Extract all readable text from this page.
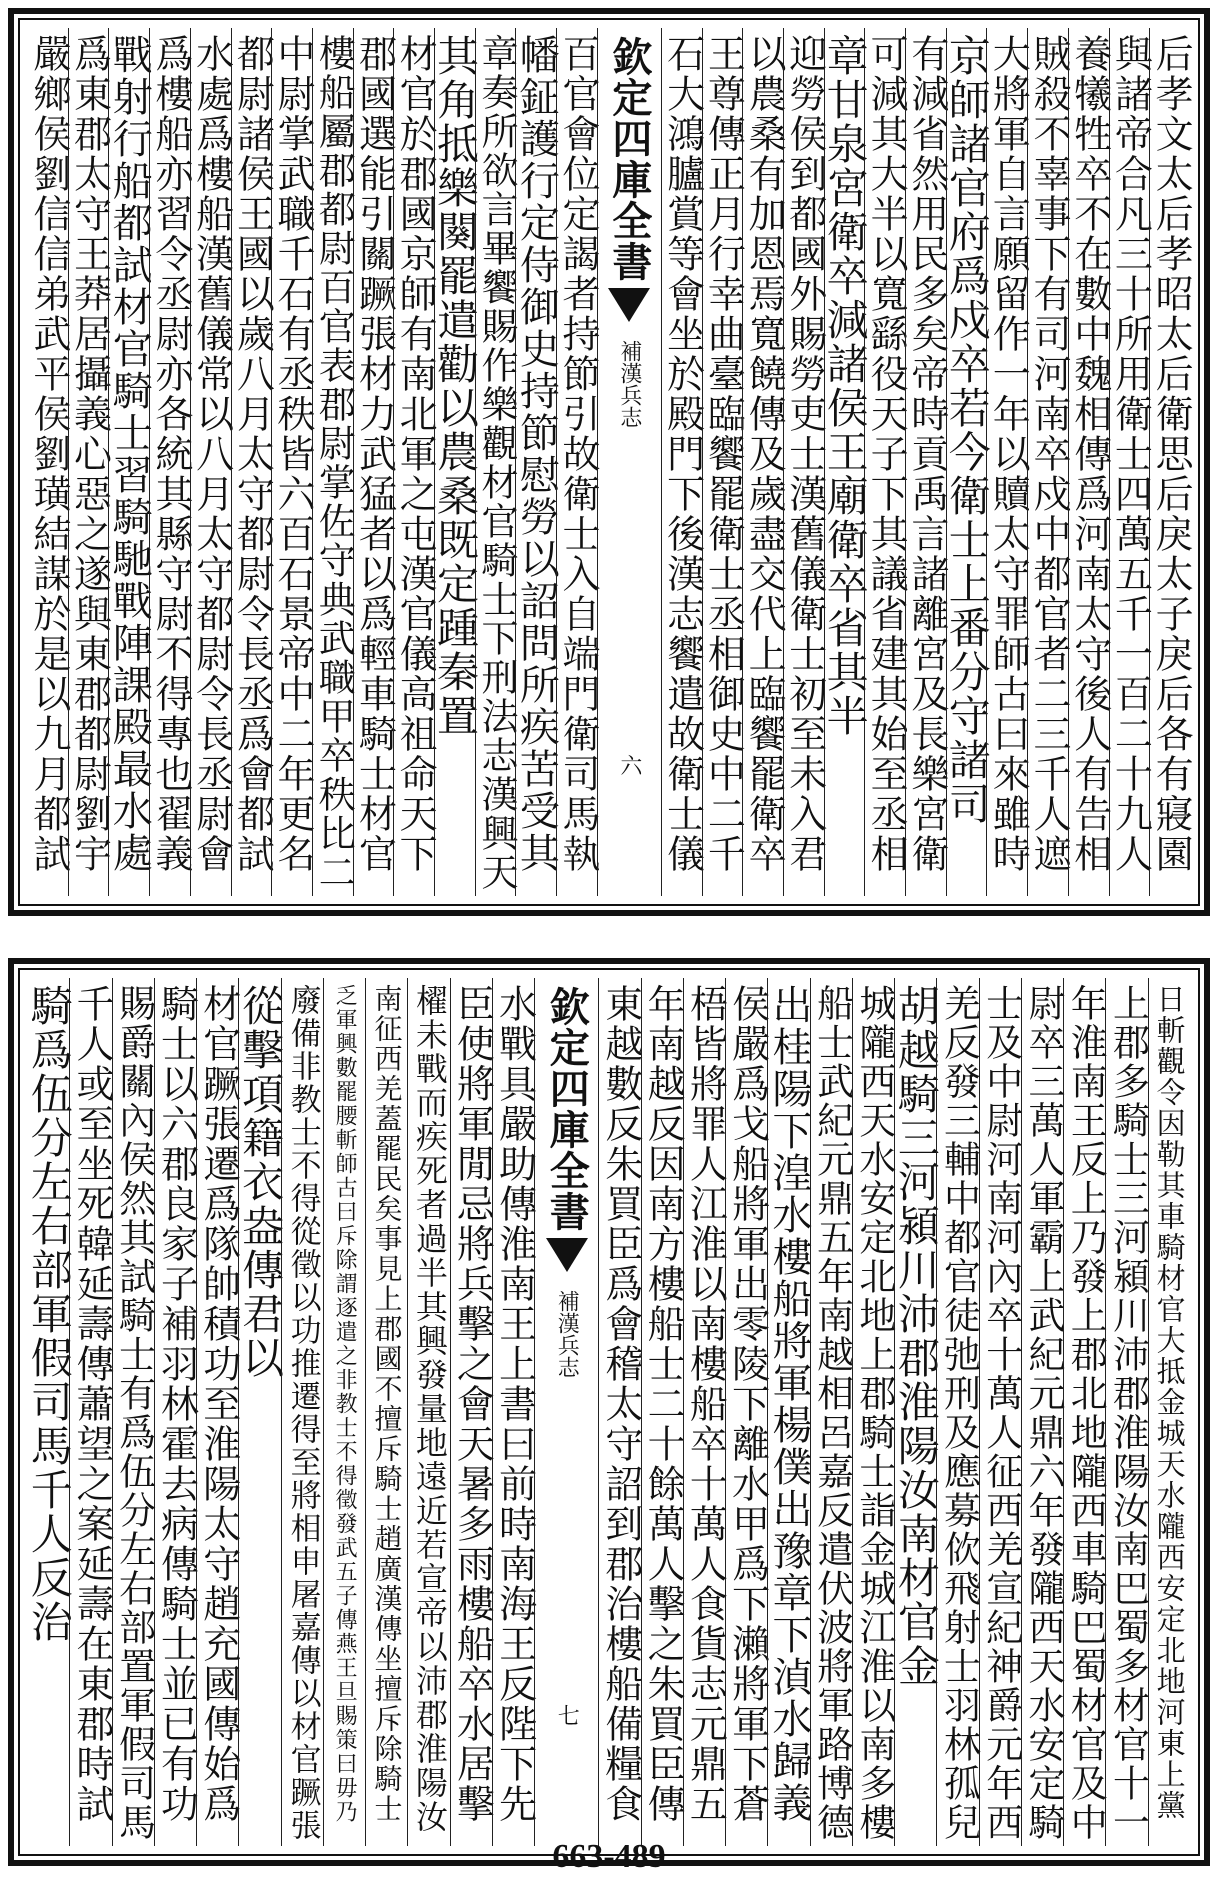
后孝文太后孝昭太后衛思后戾太子戾后各有寢園
與諸帝合凡三十所用衛士四萬五千一百二十九人
養犧牲卒不在數中魏相傳爲河南太守後人有告相
賊殺不辜事下有司河南卒戍中都官者二三千人遮
大將軍自言願留作一年以贖太守罪師古曰來雖時
京師諸官府爲戍卒若今衛士上番分守諸司
有減省然用民多矣帝時貢禹言諸離宮及長樂宮衛
可減其大半以寬繇役天子下其議省建其始至丞相
章甘泉宮衛卒減諸侯王廟衛卒省其半
迎勞侯到都國外賜勞吏士漢舊儀衛士初至未入君
以農桑有加恩焉寬饒傳及歲盡交代上臨饗罷衛卒
王尊傳正月行幸曲臺臨饗罷衛士丞相御史中二千
石大鴻臚賞等會坐於殿門下後漢志饗遣故衛士儀
欽定四庫全書
補漢兵志
六
百官會位定謁者持節引故衛士入自端門衛司馬執
幡鉦護行定侍御史持節慰勞以詔問所疾苦受其
章奏所欲言畢饗賜作樂觀材官騎士下刑法志漢興天
其角抵樂闋罷遣勸以農桑既定踵秦置
材官於郡國京師有南北軍之屯漢官儀高祖命天下
郡國選能引關蹶張材力武猛者以爲輕車騎士材官
樓船屬郡都尉百官表郡尉掌佐守典武職甲卒秩比二
中尉掌武職千石有丞秩皆六百石景帝中二年更名
都尉諸侯王國以歲八月太守都尉令長丞爲會都試
水處爲樓船漢舊儀常以八月太守都尉令長丞尉會
爲樓船亦習令丞尉亦各統其縣守尉不得專也翟義
戰射行船都試材官騎士習騎馳戰陣課殿最水處
爲東郡太守王莽居攝義心惡之遂與東郡都尉劉宇
嚴鄉侯劉信信弟武平侯劉璜結謀於是以九月都試
日斬觀令因勒其車騎材官大抵金城天水隴西安定北地河東上黨
上郡多騎士三河潁川沛郡淮陽汝南巴蜀多材官十一
年淮南王反上乃發上郡北地隴西車騎巴蜀材官及中
尉卒三萬人軍霸上武紀元鼎六年發隴西天水安定騎
士及中尉河南河內卒十萬人征西羌宣紀神爵元年西
羌反發三輔中都官徒弛刑及應募佽飛射士羽林孤兒
胡越騎三河潁川沛郡淮陽汝南材官金
城隴西天水安定北地上郡騎士詣金城江淮以南多樓
船士武紀元鼎五年南越相呂嘉反遣伏波將軍路博德
出桂陽下湟水樓船將軍楊僕出豫章下湞水歸義
侯嚴爲戈船將軍出零陵下離水甲爲下瀨將軍下蒼
梧皆將罪人江淮以南樓船卒十萬人食貨志元鼎五
年南越反因南方樓船士二十餘萬人擊之朱買臣傳
東越數反朱買臣爲會稽太守詔到郡治樓船備糧食
欽定四庫全書
補漢兵志
七
水戰具嚴助傳淮南王上書曰前時南海王反陛下先
臣使將軍閒忌將兵擊之會天暑多雨樓船卒水居擊
櫂未戰而疾死者過半其興發量地遠近若宣帝以沛郡淮陽汝
南征西羌蓋罷民矣事見上郡國不擅斥騎士趙廣漢傳坐擅斥除騎士
乏軍興數罷腰斬師古曰斥除謂逐遣之非教士不得徵發武五子傳燕王旦賜策曰毋乃
廢備非教士不得從徵以功推遷得至將相申屠嘉傳以材官蹶張
從擊項籍衣盎傳君以
材官蹶張遷爲隊帥積功至淮陽太守趙充國傳始爲
騎士以六郡良家子補羽林霍去病傳騎士並已有功
賜爵關內侯然其試騎士有爲伍分左右部置軍假司馬
千人或至坐死韓延壽傳蕭望之案延壽在東郡時試
騎爲伍分左右部軍假司馬千人反治
663-489
